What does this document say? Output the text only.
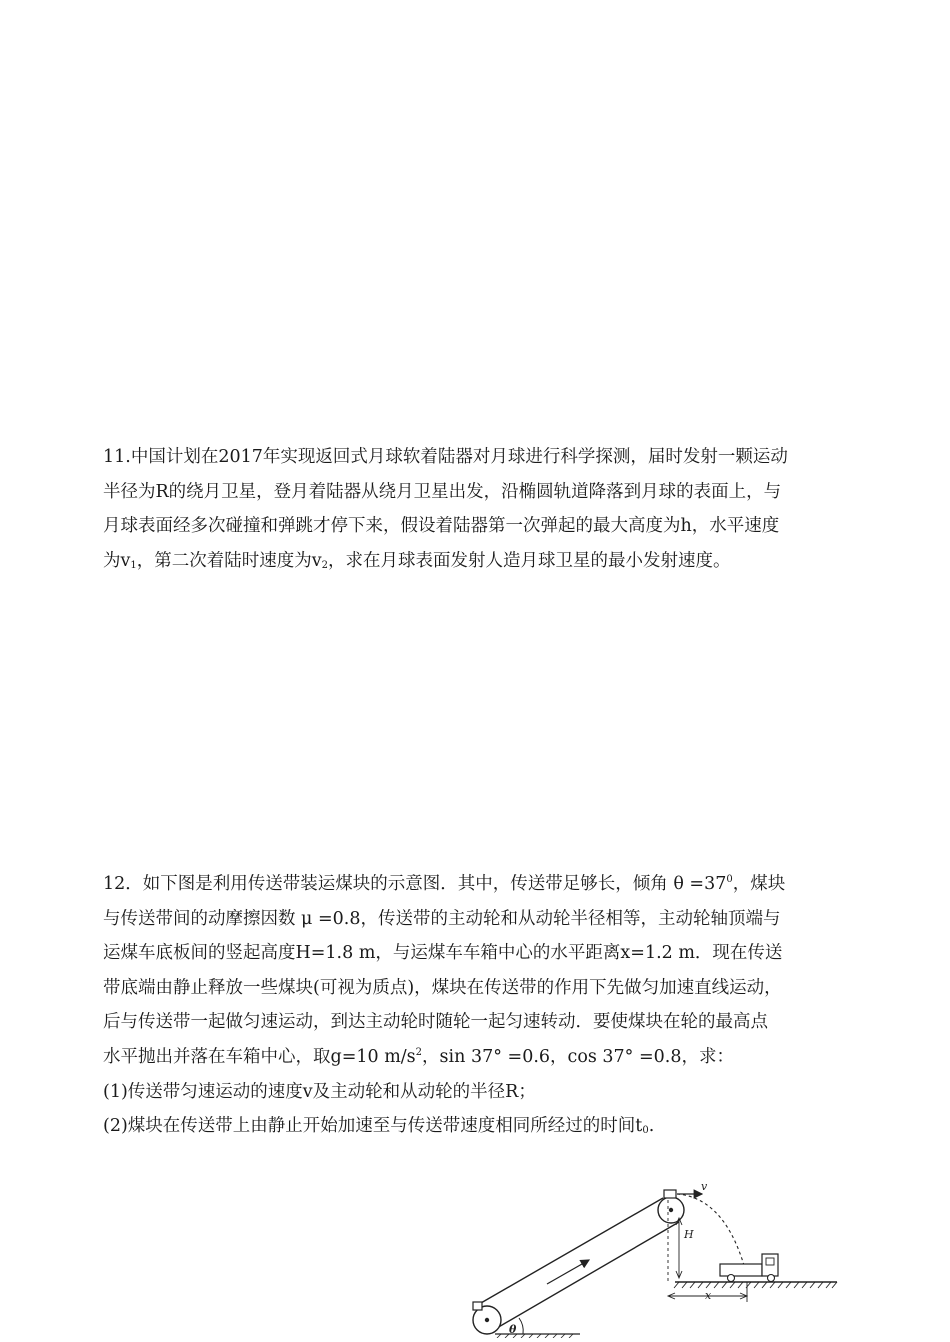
11.中国计划在2017年实现返回式月球软着陆器对月球进行科学探测，届时发射一颗运动
半径为R的绕月卫星，登月着陆器从绕月卫星出发，沿椭圆轨道降落到月球的表面上，与
月球表面经多次碰撞和弹跳才停下来，假设着陆器第一次弹起的最大高度为h，水平速度
为$v_1$，第二次着陆时速度为$v_2$，求在月球表面发射人造月球卫星的最小发射速度。
12．如下图是利用传送带装运煤块的示意图．其中，传送带足够长，倾角 $\theta =37^0$，煤块
与传送带间的动摩擦因数 μ =0.8，传送带的主动轮和从动轮半径相等，主动轮轴顶端与
运煤车底板间的竖起高度H=1.8 m，与运煤车车箱中心的水平距离x=1.2 m．现在传送
带底端由静止释放一些煤块(可视为质点)，煤块在传送带的作用下先做匀加速直线运动，
后与传送带一起做匀速运动，到达主动轮时随轮一起匀速转动．要使煤块在轮的最高点
水平抛出并落在车箱中心，取g=10 $m/s^2$，sin 37° =0.6，cos 37° =0.8，求：
(1)传送带匀速运动的速度v及主动轮和从动轮的半径R；
(2)煤块在传送带上由静止开始加速至与传送带速度相同所经过的时间$t_0$.
v
H
x
θ
